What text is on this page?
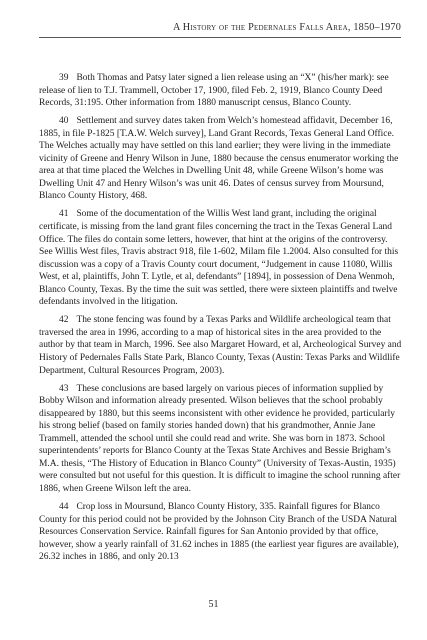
A History of the Pedernales Falls Area, 1850–1970

39 Both Thomas and Patsy later signed a lien release using an “X” (his/her mark): see release of lien to T.J. Trammell, October 17, 1900, filed Feb. 2, 1919, Blanco County Deed Records, 31:195. Other information from 1880 manuscript census, Blanco County.

40 Settlement and survey dates taken from Welch’s homestead affidavit, December 16, 1885, in file P-1825 [T.A.W. Welch survey], Land Grant Records, Texas General Land Office. The Welches actually may have settled on this land earlier; they were living in the immediate vicinity of Greene and Henry Wilson in June, 1880 because the census enumerator working the area at that time placed the Welches in Dwelling Unit 48, while Greene Wilson’s home was Dwelling Unit 47 and Henry Wilson’s was unit 46. Dates of census survey from Moursund, Blanco County History, 468.

41 Some of the documentation of the Willis West land grant, including the original certificate, is missing from the land grant files concerning the tract in the Texas General Land Office. The files do contain some letters, however, that hint at the origins of the controversy. See Willis West files, Travis abstract 918, file 1-602, Milam file 1.2004. Also consulted for this discussion was a copy of a Travis County court document, “Judgement in cause 11080, Willis West, et al, plaintiffs, John T. Lytle, et al, defendants” [1894], in possession of Dena Wenmoh, Blanco County, Texas. By the time the suit was settled, there were sixteen plaintiffs and twelve defendants involved in the litigation.

42 The stone fencing was found by a Texas Parks and Wildlife archeological team that traversed the area in 1996, according to a map of historical sites in the area provided to the author by that team in March, 1996. See also Margaret Howard, et al, Archeological Survey and History of Pedernales Falls State Park, Blanco County, Texas (Austin: Texas Parks and Wildlife Department, Cultural Resources Program, 2003).

43 These conclusions are based largely on various pieces of information supplied by Bobby Wilson and information already presented. Wilson believes that the school probably disappeared by 1880, but this seems inconsistent with other evidence he provided, particularly his strong belief (based on family stories handed down) that his grandmother, Annie Jane Trammell, attended the school until she could read and write. She was born in 1873. School superintendents’ reports for Blanco County at the Texas State Archives and Bessie Brigham’s M.A. thesis, “The History of Education in Blanco County” (University of Texas-Austin, 1935) were consulted but not useful for this question. It is difficult to imagine the school running after 1886, when Greene Wilson left the area.

44 Crop loss in Moursund, Blanco County History, 335. Rainfall figures for Blanco County for this period could not be provided by the Johnson City Branch of the USDA Natural Resources Conservation Service. Rainfall figures for San Antonio provided by that office, however, show a yearly rainfall of 31.62 inches in 1885 (the earliest year figures are available), 26.32 inches in 1886, and only 20.13

51
